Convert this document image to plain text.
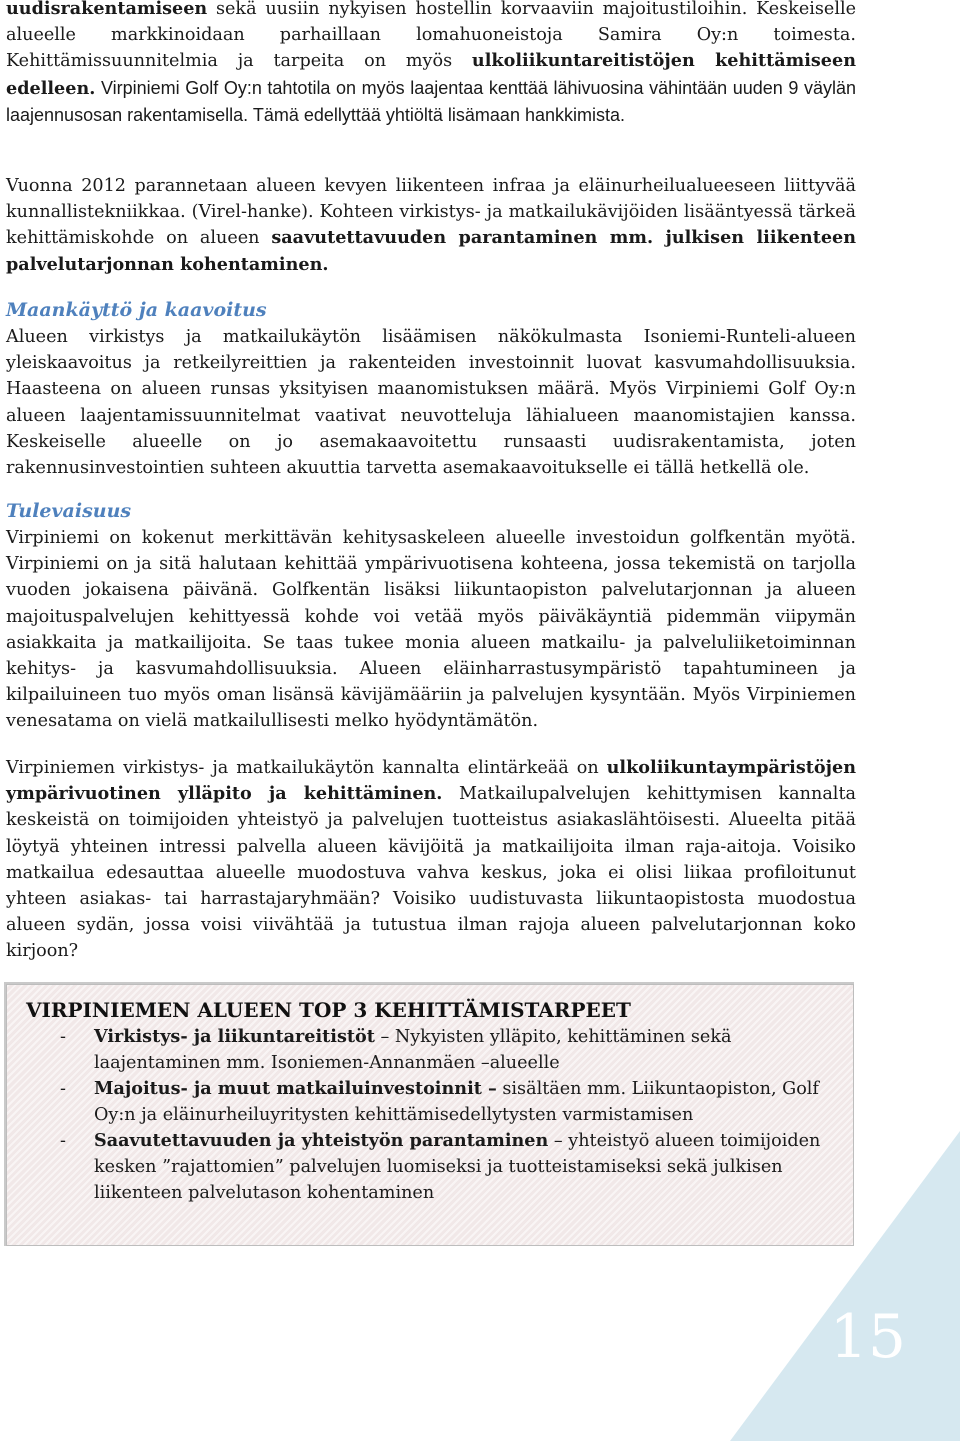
uudisrakentamiseen sekä uusiin nykyisen hostellin korvaaviin majoitustiloihin. Keskeiselle alueelle markkinoidaan parhaillaan lomahuoneistoja Samira Oy:n toimesta. Kehittämissuunnitelmia ja tarpeita on myös ulkoliikuntareitistöjen kehittämiseen edelleen. Virpiniemi Golf Oy:n tahtotila on myös laajentaa kenttää lähivuosina vähintään uuden 9 väylän laajennusosan rakentamisella. Tämä edellyttää yhtiöltä lisämaan hankkimista.

Vuonna 2012 parannetaan alueen kevyen liikenteen infraa ja eläinurheilualueeseen liittyvää kunnallistekniikkaa. (Virel-hanke). Kohteen virkistys- ja matkailukävijöiden lisääntyessä tärkeä kehittämiskohde on alueen saavutettavuuden parantaminen mm. julkisen liikenteen palvelutarjonnan kohentaminen.

Maankäyttö ja kaavoitus

Alueen virkistys ja matkailukäytön lisäämisen näkökulmasta Isoniemi-Runteli-alueen yleiskaavoitus ja retkeilyreittien ja rakenteiden investoinnit luovat kasvumahdollisuuksia. Haasteena on alueen runsas yksityisen maanomistuksen määrä. Myös Virpiniemi Golf Oy:n alueen laajentamissuunnitelmat vaativat neuvotteluja lähialueen maanomistajien kanssa. Keskeiselle alueelle on jo asemakaavoitettu runsaasti uudisrakentamista, joten rakennusinvestointien suhteen akuuttia tarvetta asemakaavoitukselle ei tällä hetkellä ole.

Tulevaisuus

Virpiniemi on kokenut merkittävän kehitysaskeleen alueelle investoidun golfkentän myötä. Virpiniemi on ja sitä halutaan kehittää ympärivuotisena kohteena, jossa tekemistä on tarjolla vuoden jokaisena päivänä. Golfkentän lisäksi liikuntaopiston palvelutarjonnan ja alueen majoituspalvelujen kehittyessä kohde voi vetää myös päiväkäyntiä pidemmän viipymän asiakkaita ja matkailijoita. Se taas tukee monia alueen matkailu- ja palveluliiketoiminnan kehitys- ja kasvumahdollisuuksia. Alueen eläinharrastusympäristö tapahtumineen ja kilpailuineen tuo myös oman lisänsä kävijämääriin ja palvelujen kysyntään. Myös Virpiniemen venesatama on vielä matkailullisesti melko hyödyntämätön.

Virpiniemen virkistys- ja matkailukäytön kannalta elintärkeää on ulkoliikuntaympäristöjen ympärivuotinen ylläpito ja kehittäminen. Matkailupalvelujen kehittymisen kannalta keskeistä on toimijoiden yhteistyö ja palvelujen tuotteistus asiakaslähtöisesti. Alueelta pitää löytyä yhteinen intressi palvella alueen kävijöitä ja matkailijoita ilman raja-aitoja. Voisiko matkailua edesauttaa alueelle muodostuva vahva keskus, joka ei olisi liikaa profiloitunut yhteen asiakas- tai harrastajaryhmään? Voisiko uudistuvasta liikuntaopistosta muodostua alueen sydän, jossa voisi viivähtää ja tutustua ilman rajoja alueen palvelutarjonnan koko kirjoon?

VIRPINIEMEN ALUEEN TOP 3 KEHITTÄMISTARPEET
- Virkistys- ja liikuntareitistöt – Nykyisten ylläpito, kehittäminen sekä laajentaminen mm. Isoniemen-Annanmäen –alueelle
- Majoitus- ja muut matkailuinvestoinnit – sisältäen mm. Liikuntaopiston, Golf Oy:n ja eläinurheiluyritysten kehittämisedellytysten varmistamisen
- Saavutettavuuden ja yhteistyön parantaminen – yhteistyö alueen toimijoiden kesken ”rajattomien” palvelujen luomiseksi ja tuotteistamiseksi sekä julkisen liikenteen palvelutason kohentaminen
15
